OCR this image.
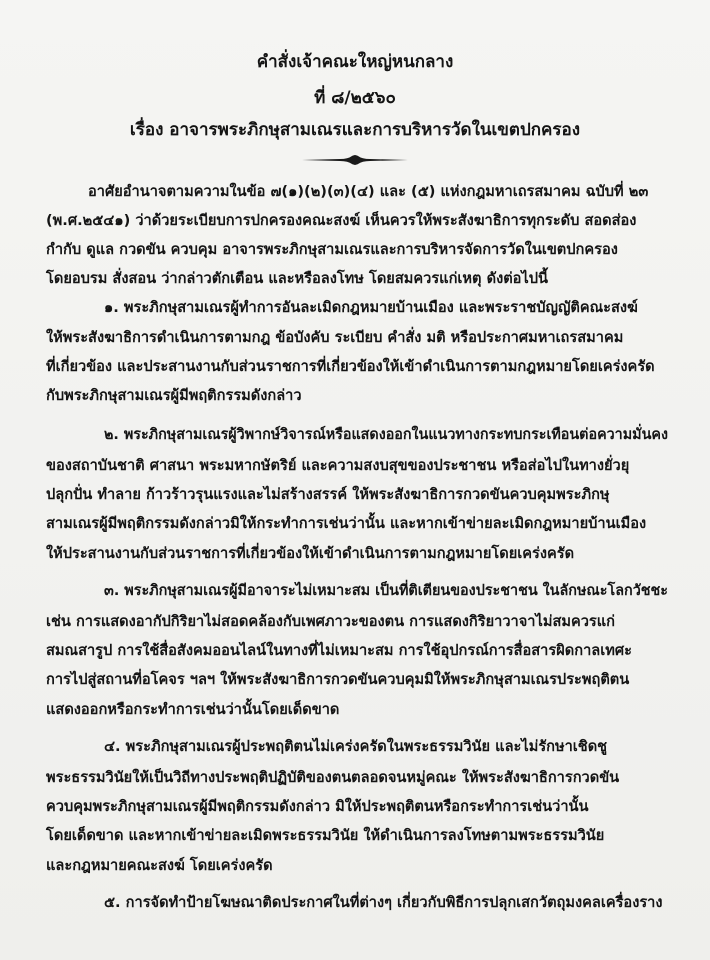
คำสั่งเจ้าคณะใหญ่หนกลาง
ที่ ๘/๒๕๖๐
เรื่อง อาจารพระภิกษุสามเณรและการบริหารวัดในเขตปกครอง
อาศัยอำนาจตามความในข้อ ๗(๑)(๒)(๓)(๔) และ (๕) แห่งกฎมหาเถรสมาคม ฉบับที่ ๒๓
(พ.ศ.๒๕๔๑) ว่าด้วยระเบียบการปกครองคณะสงฆ์ เห็นควรให้พระสังฆาธิการทุกระดับ สอดส่อง
กำกับ ดูแล กวดขัน ควบคุม อาจารพระภิกษุสามเณรและการบริหารจัดการวัดในเขตปกครอง
โดยอบรม สั่งสอน ว่ากล่าวตักเตือน และหรือลงโทษ โดยสมควรแก่เหตุ ดังต่อไปนี้
๑. พระภิกษุสามเณรผู้ทำการอันละเมิดกฎหมายบ้านเมือง และพระราชบัญญัติคณะสงฆ์
ให้พระสังฆาธิการดำเนินการตามกฎ ข้อบังคับ ระเบียบ คำสั่ง มติ หรือประกาศมหาเถรสมาคม
ที่เกี่ยวข้อง และประสานงานกับส่วนราชการที่เกี่ยวข้องให้เข้าดำเนินการตามกฎหมายโดยเคร่งครัด
กับพระภิกษุสามเณรผู้มีพฤติกรรมดังกล่าว
๒. พระภิกษุสามเณรผู้วิพากษ์วิจารณ์หรือแสดงออกในแนวทางกระทบกระเทือนต่อความมั่นคง
ของสถาบันชาติ ศาสนา พระมหากษัตริย์ และความสงบสุขของประชาชน หรือส่อไปในทางยั่วยุ
ปลุกปั่น ทำลาย ก้าวร้าวรุนแรงและไม่สร้างสรรค์ ให้พระสังฆาธิการกวดขันควบคุมพระภิกษุ
สามเณรผู้มีพฤติกรรมดังกล่าวมิให้กระทำการเช่นว่านั้น และหากเข้าข่ายละเมิดกฎหมายบ้านเมือง
ให้ประสานงานกับส่วนราชการที่เกี่ยวข้องให้เข้าดำเนินการตามกฎหมายโดยเคร่งครัด
๓. พระภิกษุสามเณรผู้มีอาจาระไม่เหมาะสม เป็นที่ติเตียนของประชาชน ในลักษณะโลกวัชชะ
เช่น การแสดงอากัปกิริยาไม่สอดคล้องกับเพศภาวะของตน การแสดงกิริยาวาจาไม่สมควรแก่
สมณสารูป การใช้สื่อสังคมออนไลน์ในทางที่ไม่เหมาะสม การใช้อุปกรณ์การสื่อสารผิดกาลเทศะ
การไปสู่สถานที่อโคจร ฯลฯ ให้พระสังฆาธิการกวดขันควบคุมมิให้พระภิกษุสามเณรประพฤติตน
แสดงออกหรือกระทำการเช่นว่านั้นโดยเด็ดขาด
๔. พระภิกษุสามเณรผู้ประพฤติตนไม่เคร่งครัดในพระธรรมวินัย และไม่รักษาเชิดชู
พระธรรมวินัยให้เป็นวิถีทางประพฤติปฏิบัติของตนตลอดจนหมู่คณะ ให้พระสังฆาธิการกวดขัน
ควบคุมพระภิกษุสามเณรผู้มีพฤติกรรมดังกล่าว มิให้ประพฤติตนหรือกระทำการเช่นว่านั้น
โดยเด็ดขาด และหากเข้าข่ายละเมิดพระธรรมวินัย ให้ดำเนินการลงโทษตามพระธรรมวินัย
และกฎหมายคณะสงฆ์ โดยเคร่งครัด
๕. การจัดทำป้ายโฆษณาติดประกาศในที่ต่างๆ เกี่ยวกับพิธีการปลุกเสกวัตถุมงคลเครื่องราง
